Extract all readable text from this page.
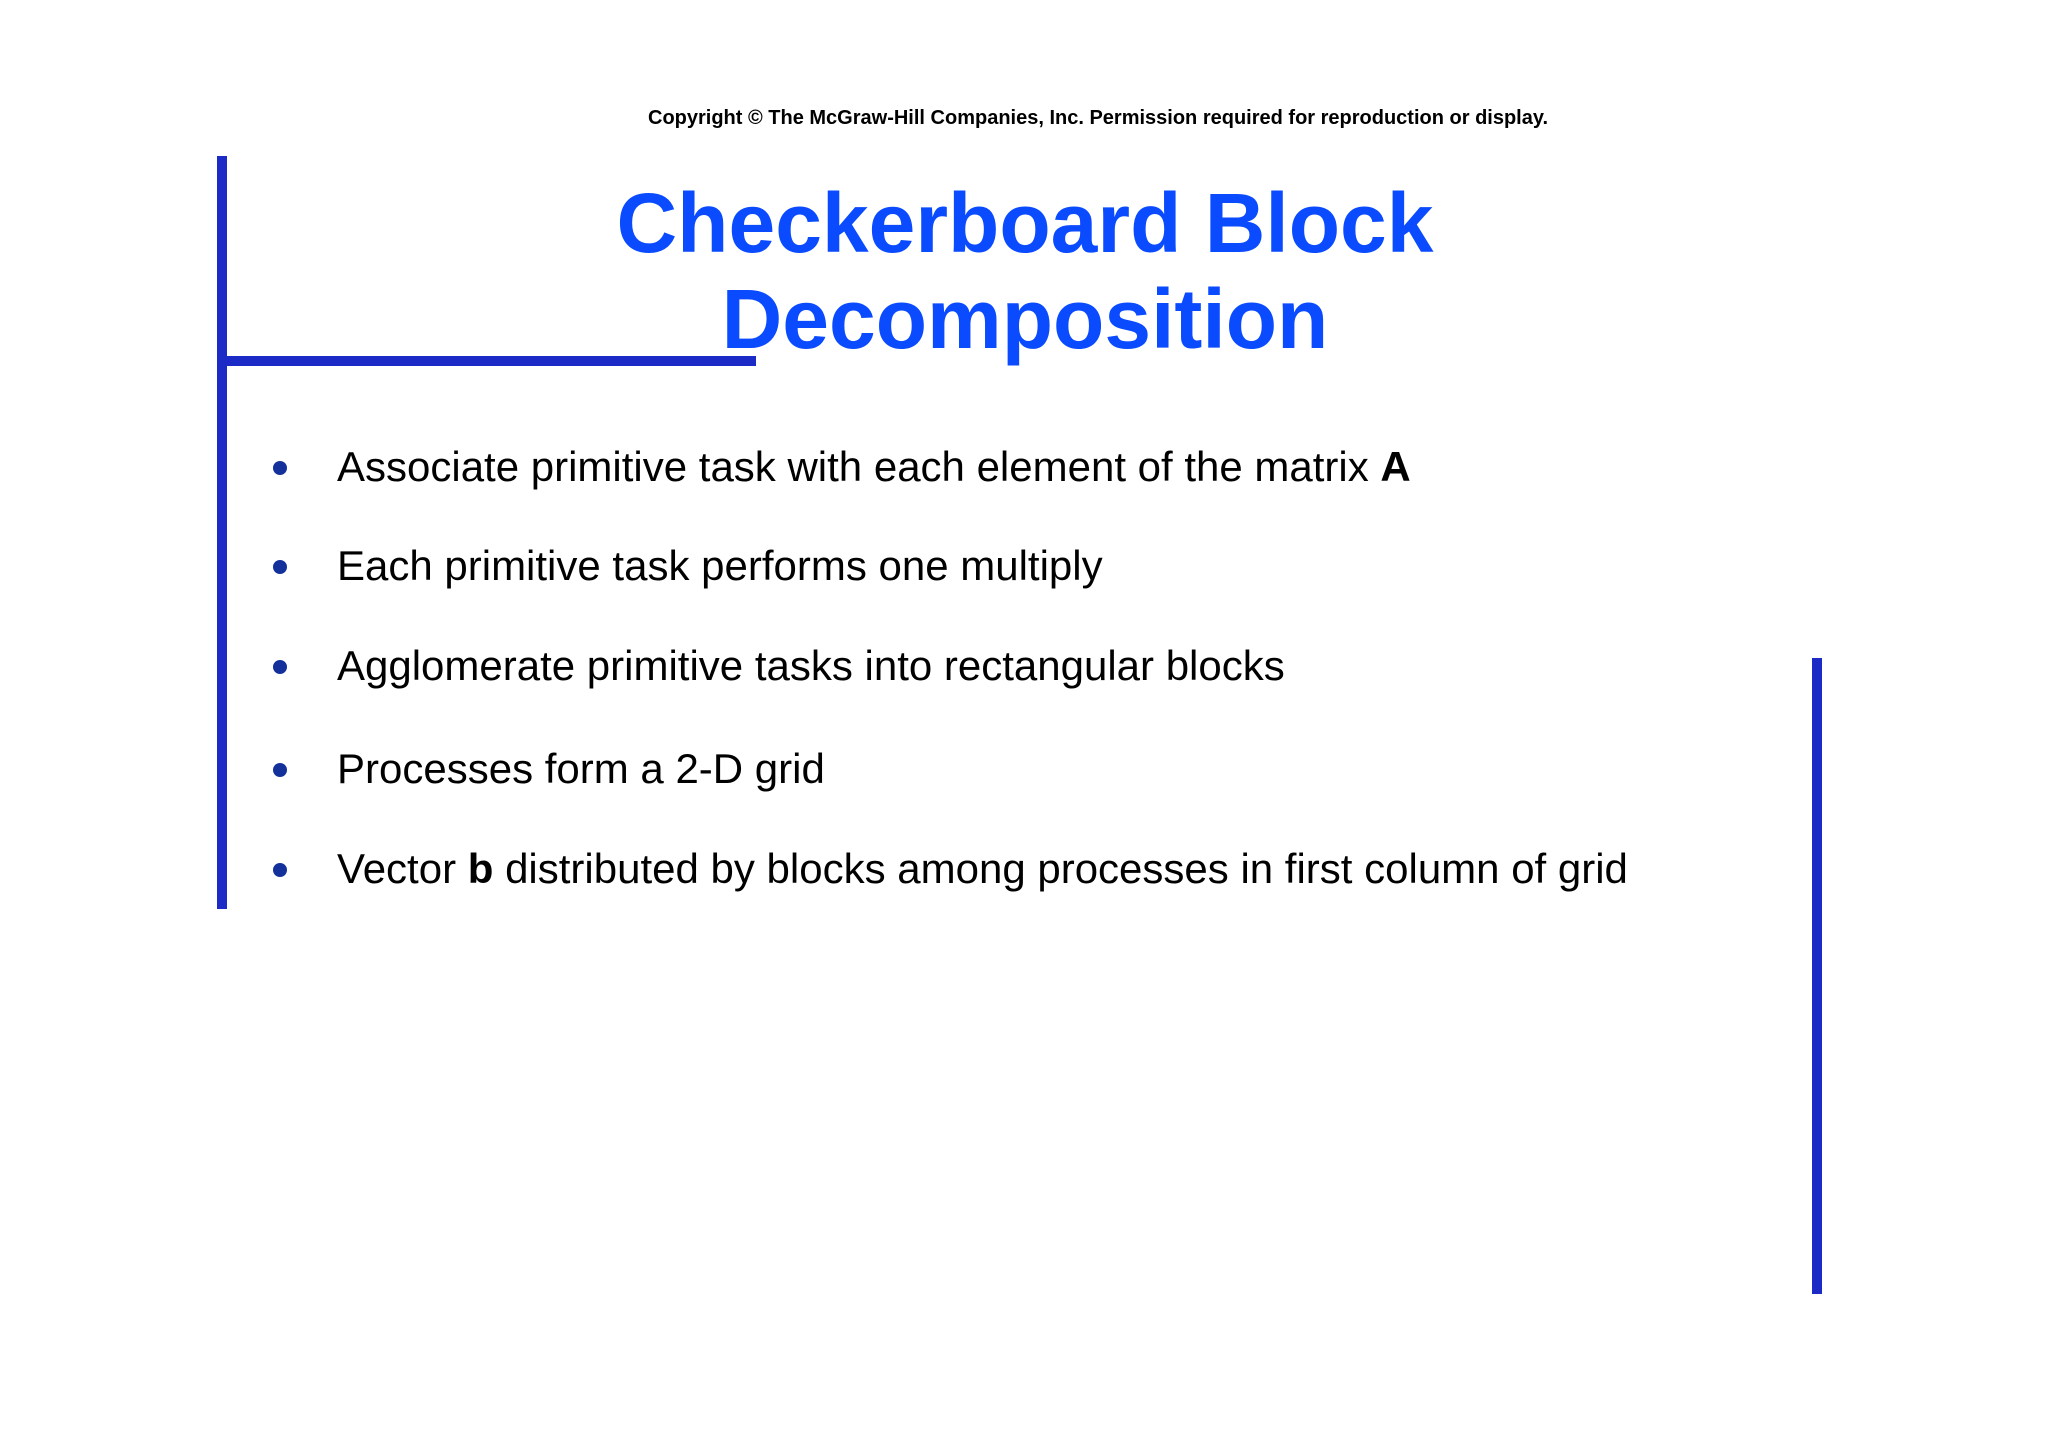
Copyright © The McGraw-Hill Companies, Inc. Permission required for reproduction or display.
Checkerboard Block
Decomposition
Associate primitive task with each element of the matrix A
Each primitive task performs one multiply
Agglomerate primitive tasks into rectangular blocks
Processes form a 2-D grid
Vector b distributed by blocks among processes in first column of grid
